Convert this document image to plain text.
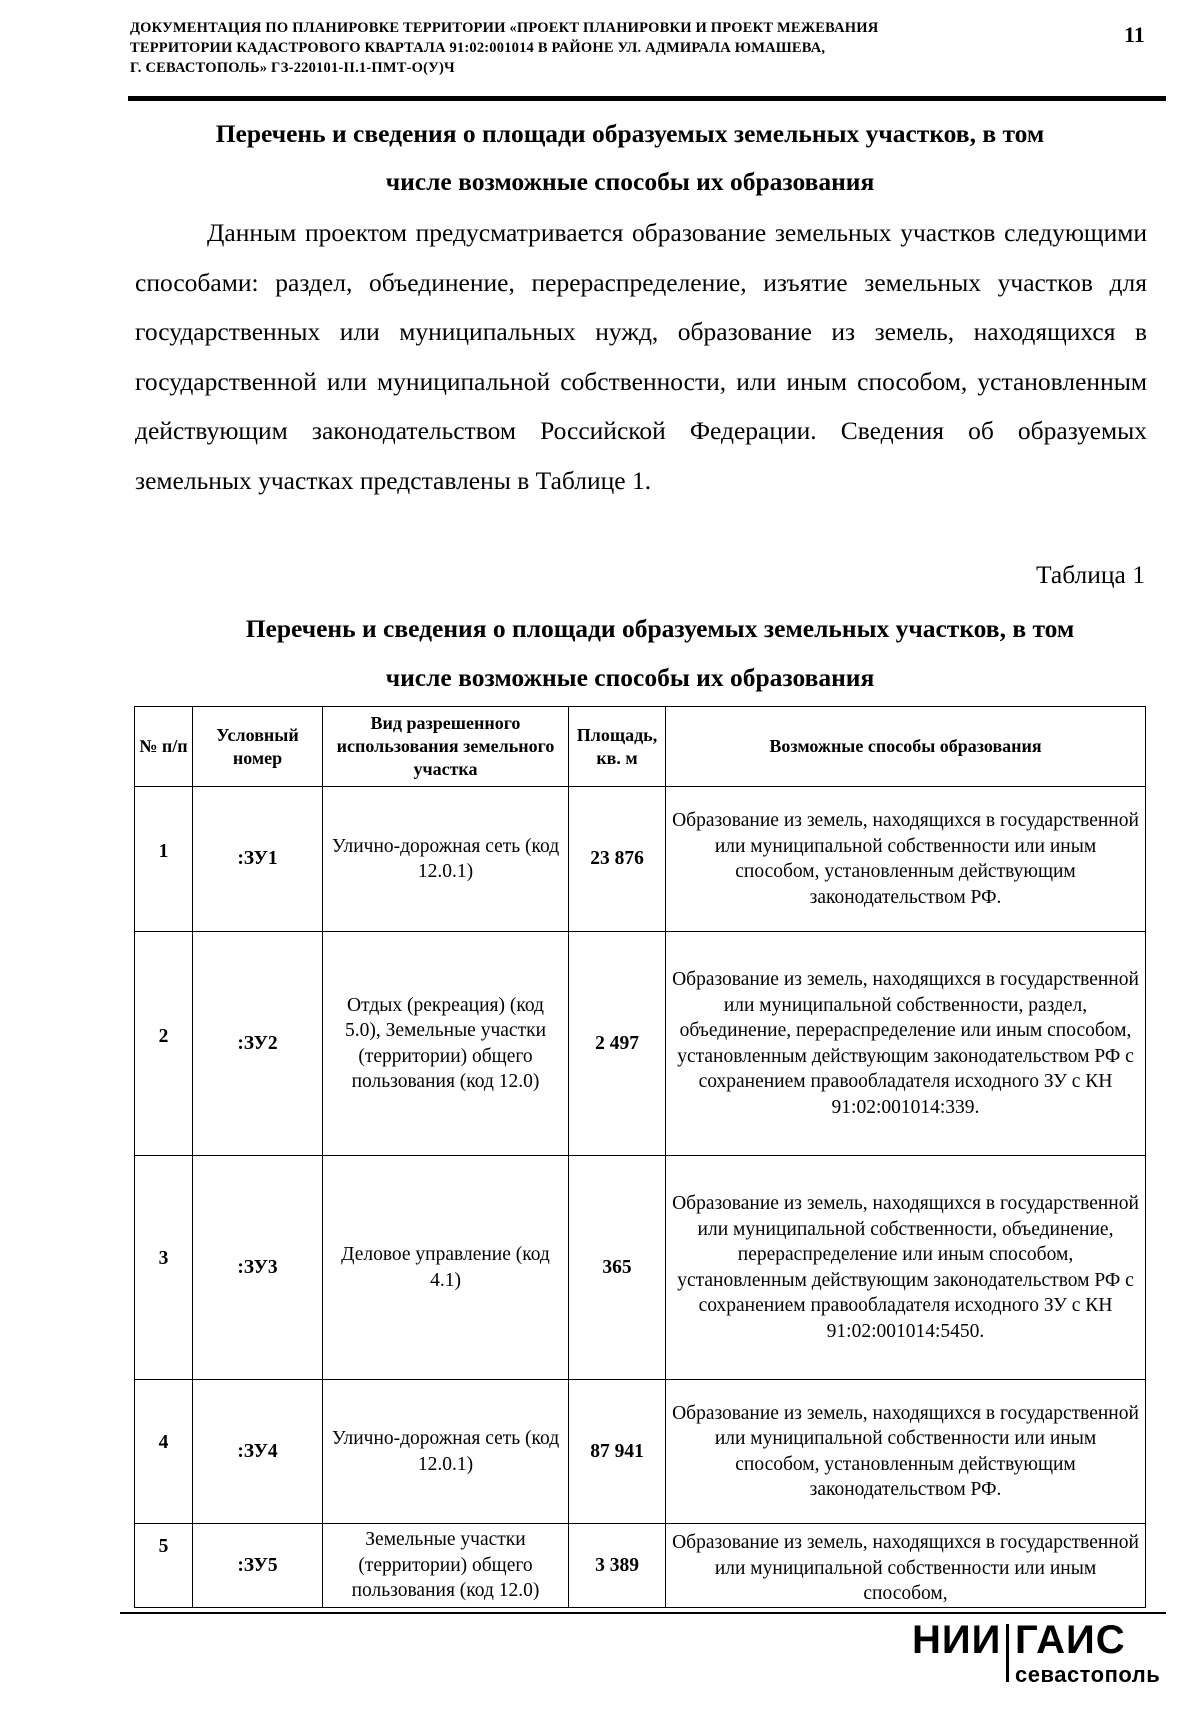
ДОКУМЕНТАЦИЯ ПО ПЛАНИРОВКЕ ТЕРРИТОРИИ «ПРОЕКТ ПЛАНИРОВКИ И ПРОЕКТ МЕЖЕВАНИЯ
ТЕРРИТОРИИ КАДАСТРОВОГО КВАРТАЛА 91:02:001014 В РАЙОНЕ УЛ. АДМИРАЛА ЮМАШЕВА,
Г. СЕВАСТОПОЛЬ» ГЗ-220101-II.1-ПМТ-О(У)Ч
11
Перечень и сведения о площади образуемых земельных участков, в том
числе возможные способы их образования
Данным проектом предусматривается образование земельных участков следующими способами: раздел, объединение, перераспределение, изъятие земельных участков для государственных или муниципальных нужд, образование из земель, находящихся в государственной или муниципальной собственности, или иным способом, установленным действующим законодательством Российской Федерации. Сведения об образуемых земельных участках представлены в Таблице 1.
Таблица 1
Перечень и сведения о площади образуемых земельных участков, в том
числе возможные способы их образования
№ п/п	Условный номер	Вид разрешенного использования земельного участка	Площадь, кв. м	Возможные способы образования
1	:ЗУ1	Улично-дорожная сеть (код 12.0.1)	23 876	Образование из земель, находящихся в государственной или муниципальной собственности или иным способом, установленным действующим законодательством РФ.
2	:ЗУ2	Отдых (рекреация) (код 5.0), Земельные участки (территории) общего пользования (код 12.0)	2 497	Образование из земель, находящихся в государственной или муниципальной собственности, раздел, объединение, перераспределение или иным способом, установленным действующим законодательством РФ с сохранением правообладателя исходного ЗУ с КН 91:02:001014:339.
3	:ЗУ3	Деловое управление (код 4.1)	365	Образование из земель, находящихся в государственной или муниципальной собственности, объединение, перераспределение или иным способом, установленным действующим законодательством РФ с сохранением правообладателя исходного ЗУ с КН 91:02:001014:5450.
4	:ЗУ4	Улично-дорожная сеть (код 12.0.1)	87 941	Образование из земель, находящихся в государственной или муниципальной собственности или иным способом, установленным действующим законодательством РФ.
5	:ЗУ5	Земельные участки (территории) общего пользования (код 12.0)	3 389	Образование из земель, находящихся в государственной или муниципальной собственности или иным способом,
НИИ ГАИС
севастополь
